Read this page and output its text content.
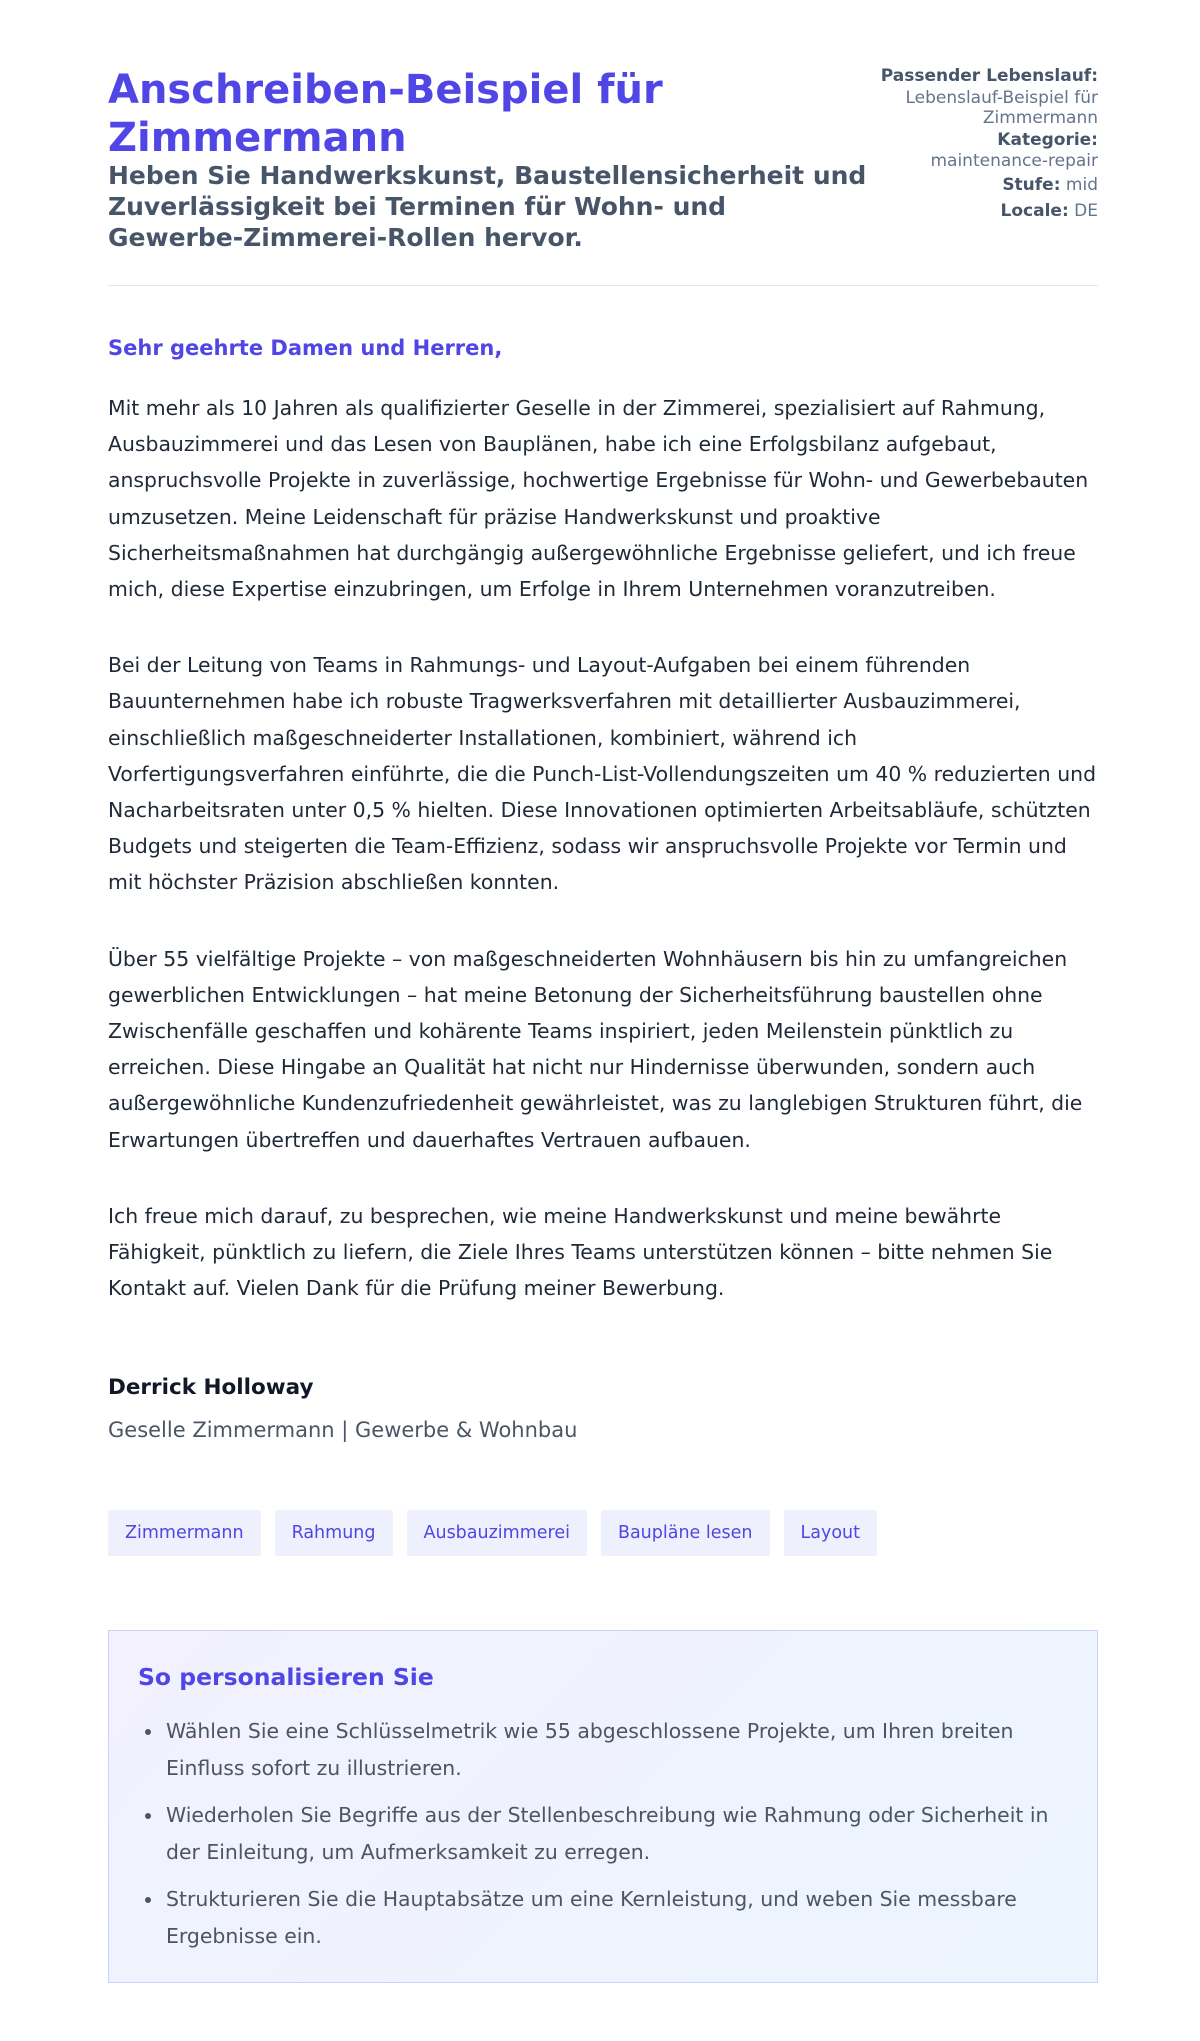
Anschreiben-Beispiel für Zimmermann
Heben Sie Handwerkskunst, Baustellensicherheit und Zuverlässigkeit bei Terminen für Wohn- und Gewerbe-Zimmerei-Rollen hervor.
Passender Lebenslauf:
Lebenslauf-Beispiel für Zimmermann
Kategorie:
maintenance-repair
Stufe: mid
Locale: DE
Sehr geehrte Damen und Herren,

Mit mehr als 10 Jahren als qualifizierter Geselle in der Zimmerei, spezialisiert auf Rahmung, Ausbauzimmerei und das Lesen von Bauplänen, habe ich eine Erfolgsbilanz aufgebaut, anspruchsvolle Projekte in zuverlässige, hochwertige Ergebnisse für Wohn- und Gewerbebauten umzusetzen. Meine Leidenschaft für präzise Handwerkskunst und proaktive Sicherheitsmaßnahmen hat durchgängig außergewöhnliche Ergebnisse geliefert, und ich freue mich, diese Expertise einzubringen, um Erfolge in Ihrem Unternehmen voranzutreiben.

Bei der Leitung von Teams in Rahmungs- und Layout-Aufgaben bei einem führenden Bauunternehmen habe ich robuste Tragwerksverfahren mit detaillierter Ausbauzimmerei, einschließlich maßgeschneiderter Installationen, kombiniert, während ich Vorfertigungsverfahren einführte, die die Punch-List-Vollendungszeiten um 40 % reduzierten und Nacharbeitsraten unter 0,5 % hielten. Diese Innovationen optimierten Arbeitsabläufe, schützten Budgets und steigerten die Team-Effizienz, sodass wir anspruchsvolle Projekte vor Termin und mit höchster Präzision abschließen konnten.

Über 55 vielfältige Projekte – von maßgeschneiderten Wohnhäusern bis hin zu umfangreichen gewerblichen Entwicklungen – hat meine Betonung der Sicherheitsführung baustellen ohne Zwischenfälle geschaffen und kohärente Teams inspiriert, jeden Meilenstein pünktlich zu erreichen. Diese Hingabe an Qualität hat nicht nur Hindernisse überwunden, sondern auch außergewöhnliche Kundenzufriedenheit gewährleistet, was zu langlebigen Strukturen führt, die Erwartungen übertreffen und dauerhaftes Vertrauen aufbauen.

Ich freue mich darauf, zu besprechen, wie meine Handwerkskunst und meine bewährte Fähigkeit, pünktlich zu liefern, die Ziele Ihres Teams unterstützen können – bitte nehmen Sie Kontakt auf. Vielen Dank für die Prüfung meiner Bewerbung.

Derrick Holloway
Geselle Zimmermann | Gewerbe & Wohnbau
Zimmermann	Rahmung	Ausbauzimmerei	Baupläne lesen	Layout
So personalisieren Sie
• Wählen Sie eine Schlüsselmetrik wie 55 abgeschlossene Projekte, um Ihren breiten Einfluss sofort zu illustrieren.
• Wiederholen Sie Begriffe aus der Stellenbeschreibung wie Rahmung oder Sicherheit in der Einleitung, um Aufmerksamkeit zu erregen.
• Strukturieren Sie die Hauptabsätze um eine Kernleistung, und weben Sie messbare Ergebnisse ein.
